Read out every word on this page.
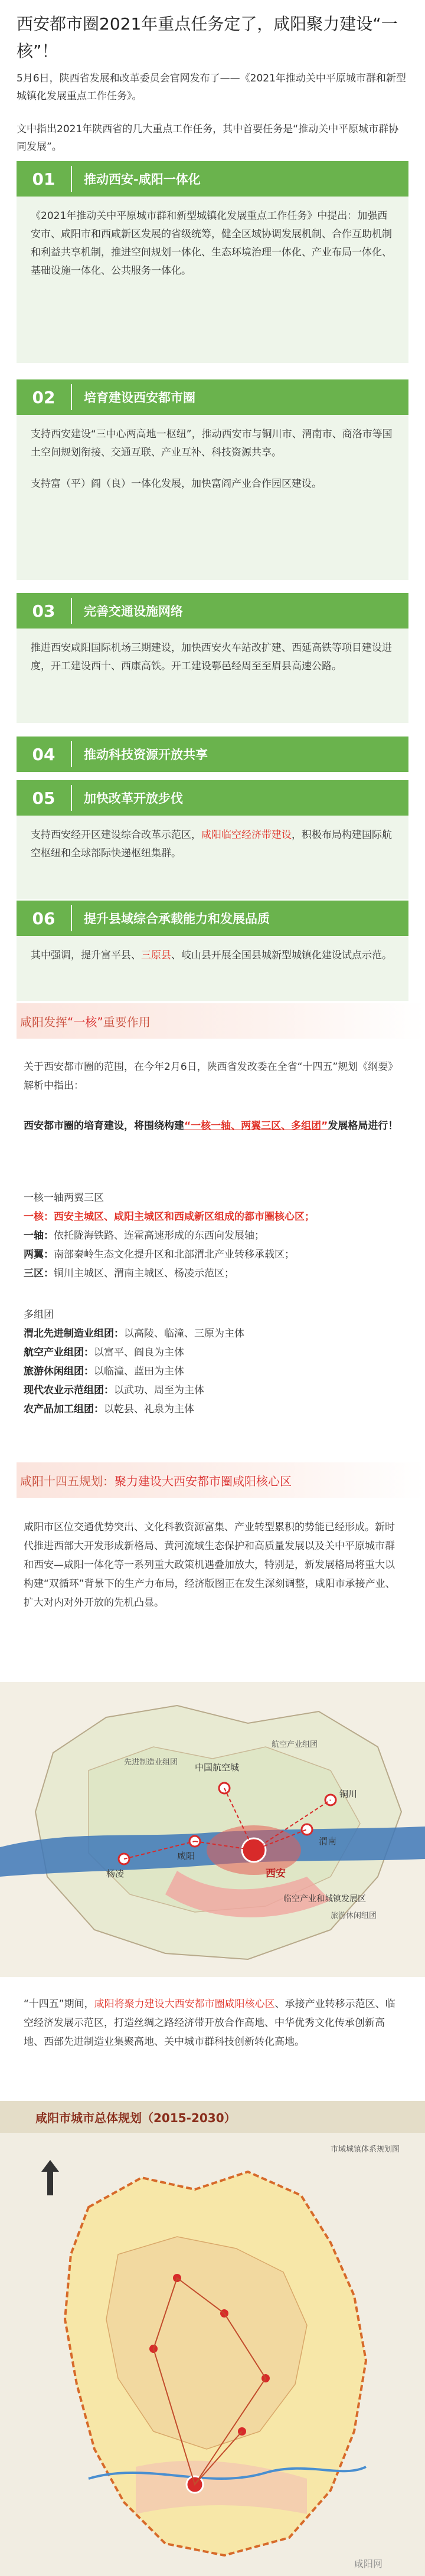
西安都市圈2021年重点任务定了，咸阳聚力建设“一核”！
5月6日，陕西省发展和改革委员会官网发布了——《2021年推动关中平原城市群和新型城镇化发展重点工作任务》。
文中指出2021年陕西省的几大重点工作任务，其中首要任务是“推动关中平原城市群协同发展”。
01	推动西安-咸阳一体化

《2021年推动关中平原城市群和新型城镇化发展重点工作任务》中提出：加强西安市、咸阳市和西咸新区发展的省级统筹，健全区域协调发展机制、合作互助机制和利益共享机制，推进空间规划一体化、生态环境治理一体化、产业布局一体化、基础设施一体化、公共服务一体化。

02	培育建设西安都市圈

支持西安建设“三中心两高地一枢纽”，推动西安市与铜川市、渭南市、商洛市等国土空间规划衔接、交通互联、产业互补、科技资源共享。

支持富（平）阎（良）一体化发展，加快富阎产业合作园区建设。

03	完善交通设施网络

推进西安咸阳国际机场三期建设，加快西安火车站改扩建、西延高铁等项目建设进度，开工建设西十、西康高铁。开工建设鄠邑经周至至眉县高速公路。

04	推动科技资源开放共享
05	加快改革开放步伐

支持西安经开区建设综合改革示范区，咸阳临空经济带建设，积极布局构建国际航空枢纽和全球部际快递枢纽集群。

06	提升县域综合承载能力和发展品质

其中强调，提升富平县、三原县、岐山县开展全国县城新型城镇化建设试点示范。

咸阳发挥 “一核” 重要作用
关于西安都市圈的范围，在今年2月6日，陕西省发改委在全省“十四五”规划《纲要》解析中指出：
西安都市圈的培育建设，将围绕构建“一核一轴、两翼三区、多组团”发展格局进行！
一核一轴两翼三区
一核：西安主城区、咸阳主城区和西咸新区组成的都市圈核心区；
一轴：依托陇海铁路、连霍高速形成的东西向发展轴；
两翼：南部秦岭生态文化提升区和北部渭北产业转移承载区；
三区：铜川主城区、渭南主城区、杨凌示范区；
多组团
渭北先进制造业组团：以高陵、临潼、三原为主体
航空产业组团：以富平、阎良为主体
旅游休闲组团：以临潼、蓝田为主体
现代农业示范组团：以武功、周至为主体
农产品加工组团：以乾县、礼泉为主体
咸阳十四五规划： 聚力建设大西安都市圈咸阳核心区
咸阳市区位交通优势突出、文化科教资源富集、产业转型累积的势能已经形成。新时代推进西部大开发形成新格局、黄河流域生态保护和高质量发展以及关中平原城市群和西安—咸阳一体化等一系列重大政策机遇叠加放大，特别是，新发展格局将重大以构建“双循环”背景下的生产力布局，经济版图正在发生深刻调整，咸阳市承接产业、扩大对内对外开放的先机凸显。
中国航空城
西安
咸阳
渭南
铜川
杨凌
临空产业和城镇发展区
先进制造业组团
航空产业组团
旅游休闲组团
“十四五”期间，咸阳将聚力建设大西安都市圈咸阳核心区、承接产业转移示范区、临空经济发展示范区，打造丝绸之路经济带开放合作高地、中华优秀文化传承创新高地、西部先进制造业集聚高地、关中城市群科技创新转化高地。
咸阳市城市总体规划（2015-2030）
市域城镇体系规划图
咸阳网
